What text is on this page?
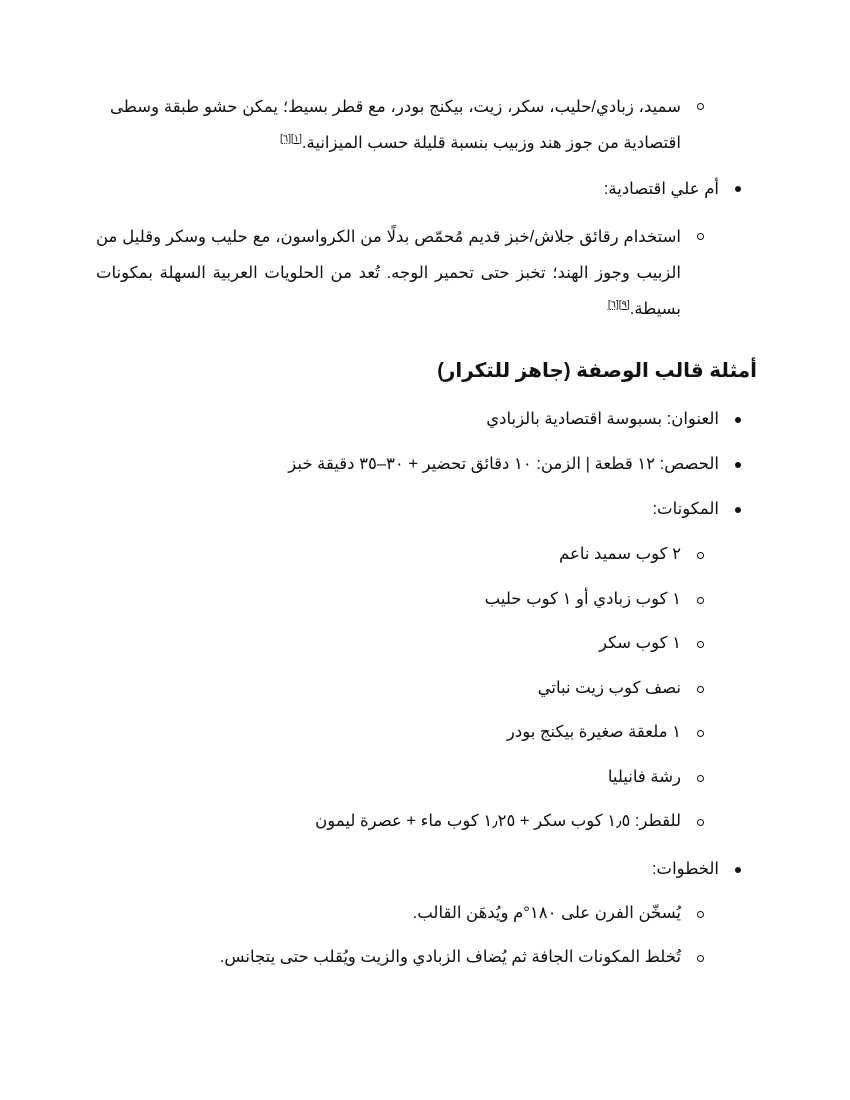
سميد، زبادي/حليب، سكر، زيت، بيكنج بودر، مع قطر بسيط؛ يمكن حشو طبقة وسطى
اقتصادية من جوز هند وزبيب بنسبة قليلة حسب الميزانية.[١][٦]
أم علي اقتصادية:
استخدام رقائق جلاش/خبز قديم مُحمّص بدلًا من الكرواسون، مع حليب وسكر وقليل من
الزبيب وجوز الهند؛ تخبز حتى تحمير الوجه. تُعد من الحلويات العربية السهلة بمكونات
بسيطة.[٩][٦]
أمثلة قالب الوصفة (جاهز للتكرار)
العنوان: بسبوسة اقتصادية بالزبادي
الحصص: ١٢ قطعة | الزمن: ١٠ دقائق تحضير + ٣٠–٣٥ دقيقة خبز
المكونات:
٢ كوب سميد ناعم
١ كوب زبادي أو ١ كوب حليب
١ كوب سكر
نصف كوب زيت نباتي
١ ملعقة صغيرة بيكنج بودر
رشة فانيليا
للقطر: ١٫٥ كوب سكر + ١٫٢٥ كوب ماء + عصرة ليمون
الخطوات:
يُسخّن الفرن على ١٨٠°م ويُدهَن القالب.
تُخلط المكونات الجافة ثم يُضاف الزبادي والزيت ويُقلب حتى يتجانس.
